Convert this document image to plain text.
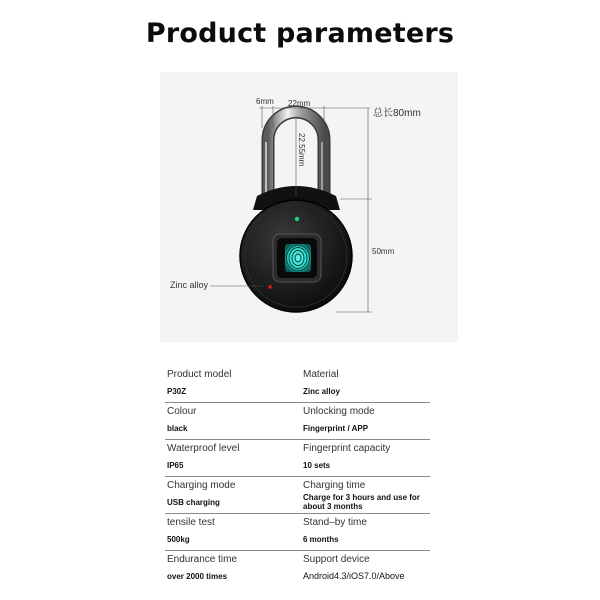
Product parameters
6mm 22mm
22.55mm
总长80mm
50mm
Zinc alloy
Product model
P30Z
Material
Zinc alloy
Colour
black
Unlocking mode
Fingerprint / APP
Waterproof level
IP65
Fingerprint capacity
10 sets
Charging mode
USB charging
Charging time
Charge for 3 hours and use for about 3 months
tensile test
500kg
Stand–by time
6 months
Endurance time
over 2000 times
Support device
Android4.3/iOS7.0/Above
